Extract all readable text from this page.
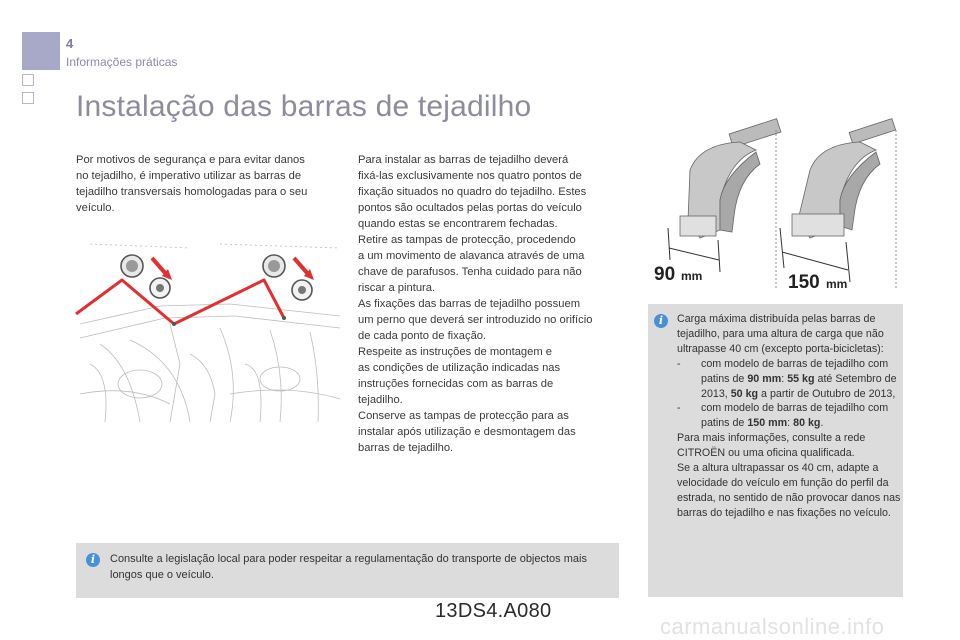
4
Informações práticas
Instalação das barras de tejadilho
Por motivos de segurança e para evitar danos
no tejadilho, é imperativo utilizar as barras de
tejadilho transversais homologadas para o seu
veículo.
Para instalar as barras de tejadilho deverá
fixá-las exclusivamente nos quatro pontos de
fixação situados no quadro do tejadilho. Estes
pontos são ocultados pelas portas do veículo
quando estas se encontrarem fechadas.
Retire as tampas de protecção, procedendo
a um movimento de alavanca através de uma
chave de parafusos. Tenha cuidado para não
riscar a pintura.
As fixações das barras de tejadilho possuem
um perno que deverá ser introduzido no orifício
de cada ponto de fixação.
Respeite as instruções de montagem e
as condições de utilização indicadas nas
instruções fornecidas com as barras de
tejadilho.
Conserve as tampas de protecção para as
instalar após utilização e desmontagem das
barras de tejadilho.
90 mm	150 mm
i	Carga máxima distribuída pelas barras de tejadilho, para uma altura de carga que não ultrapasse 40 cm (excepto porta-bicicletas):

- com modelo de barras de tejadilho com patins de 90 mm: 55 kg até Setembro de 2013, 50 kg a partir de Outubro de 2013,

- com modelo de barras de tejadilho com patins de 150 mm: 80 kg.

Para mais informações, consulte a rede CITROËN ou uma oficina qualificada.

Se a altura ultrapassar os 40 cm, adapte a velocidade do veículo em função do perfil da estrada, no sentido de não provocar danos nas barras do tejadilho e nas fixações no veículo.

i	Consulte a legislação local para poder respeitar a regulamentação do transporte de objectos mais longos que o veículo.
13DS4.A080
carmanualsonline.info
